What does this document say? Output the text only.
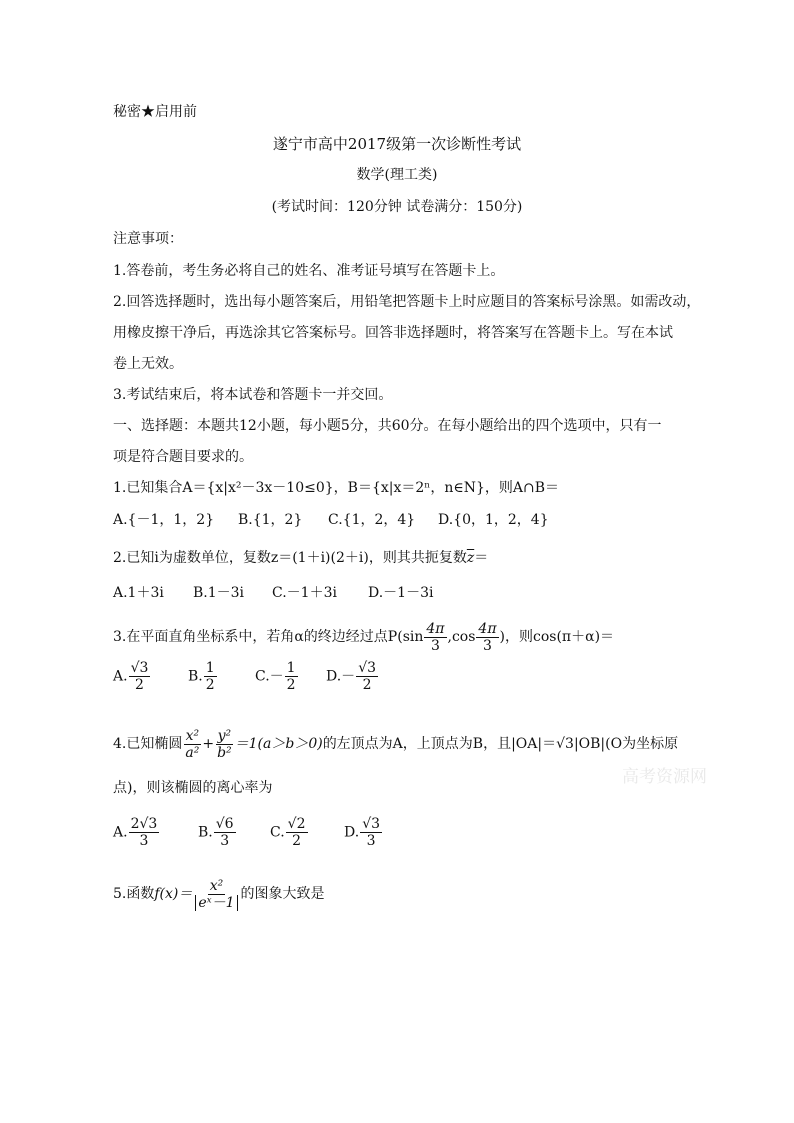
秘密★启用前
遂宁市高中2017级第一次诊断性考试
数学(理工类)
(考试时间：120分钟 试卷满分：150分)
注意事项：
1.答卷前，考生务必将自己的姓名、准考证号填写在答题卡上。
2.回答选择题时，选出每小题答案后，用铅笔把答题卡上时应题目的答案标号涂黑。如需改动，
用橡皮擦干净后，再选涂其它答案标号。回答非选择题时，将答案写在答题卡上。写在本试
卷上无效。
3.考试结束后，将本试卷和答题卡一并交回。
一、选择题：本题共12小题，每小题5分，共60分。在每小题给出的四个选项中，只有一
项是符合题目要求的。
1.已知集合A＝{x|x²－3x－10≤0}，B＝{x|x＝2ⁿ，n∈N}，则A∩B＝
A.{－1，1，2} B.{1，2} C.{1，2，4} D.{0，1，2，4}
2.已知i为虚数单位，复数z＝(1＋i)(2＋i)，则其共扼复数$\overline{z}=$
A.1＋3i B.1－3i C.－1＋3i D.－1－3i
3.在平面直角坐标系中，若角α的终边经过点$P(\sin \frac{4\pi}{3} ,\cos \frac{4\pi}{3}$ )，则cos(π＋α)＝
A. $\frac{√3}{2}$	B. $\frac{1}{2}$	$C.- \frac{1}{2} D.- \frac{√3}{2}$
4.已知椭圆 $\frac{\text{x²}}{\text{a²}} + \frac{\text{y²}}{\text{b²}} =1(a>b>0)$的左顶点为A，上顶点为B，且|OA|＝√3|OB|(O为坐标原
点)，则该椭圆的离心率为
A. $\frac{2√3}{3}$	B. $\frac{√6}{3} C$. $\frac{√2}{2}$	D. $\frac{√3}{3}$
5.函数$f(x)= \frac{\text{x²}}{\text{eˣ－1}}$ 的图象大致是
高考资源网
